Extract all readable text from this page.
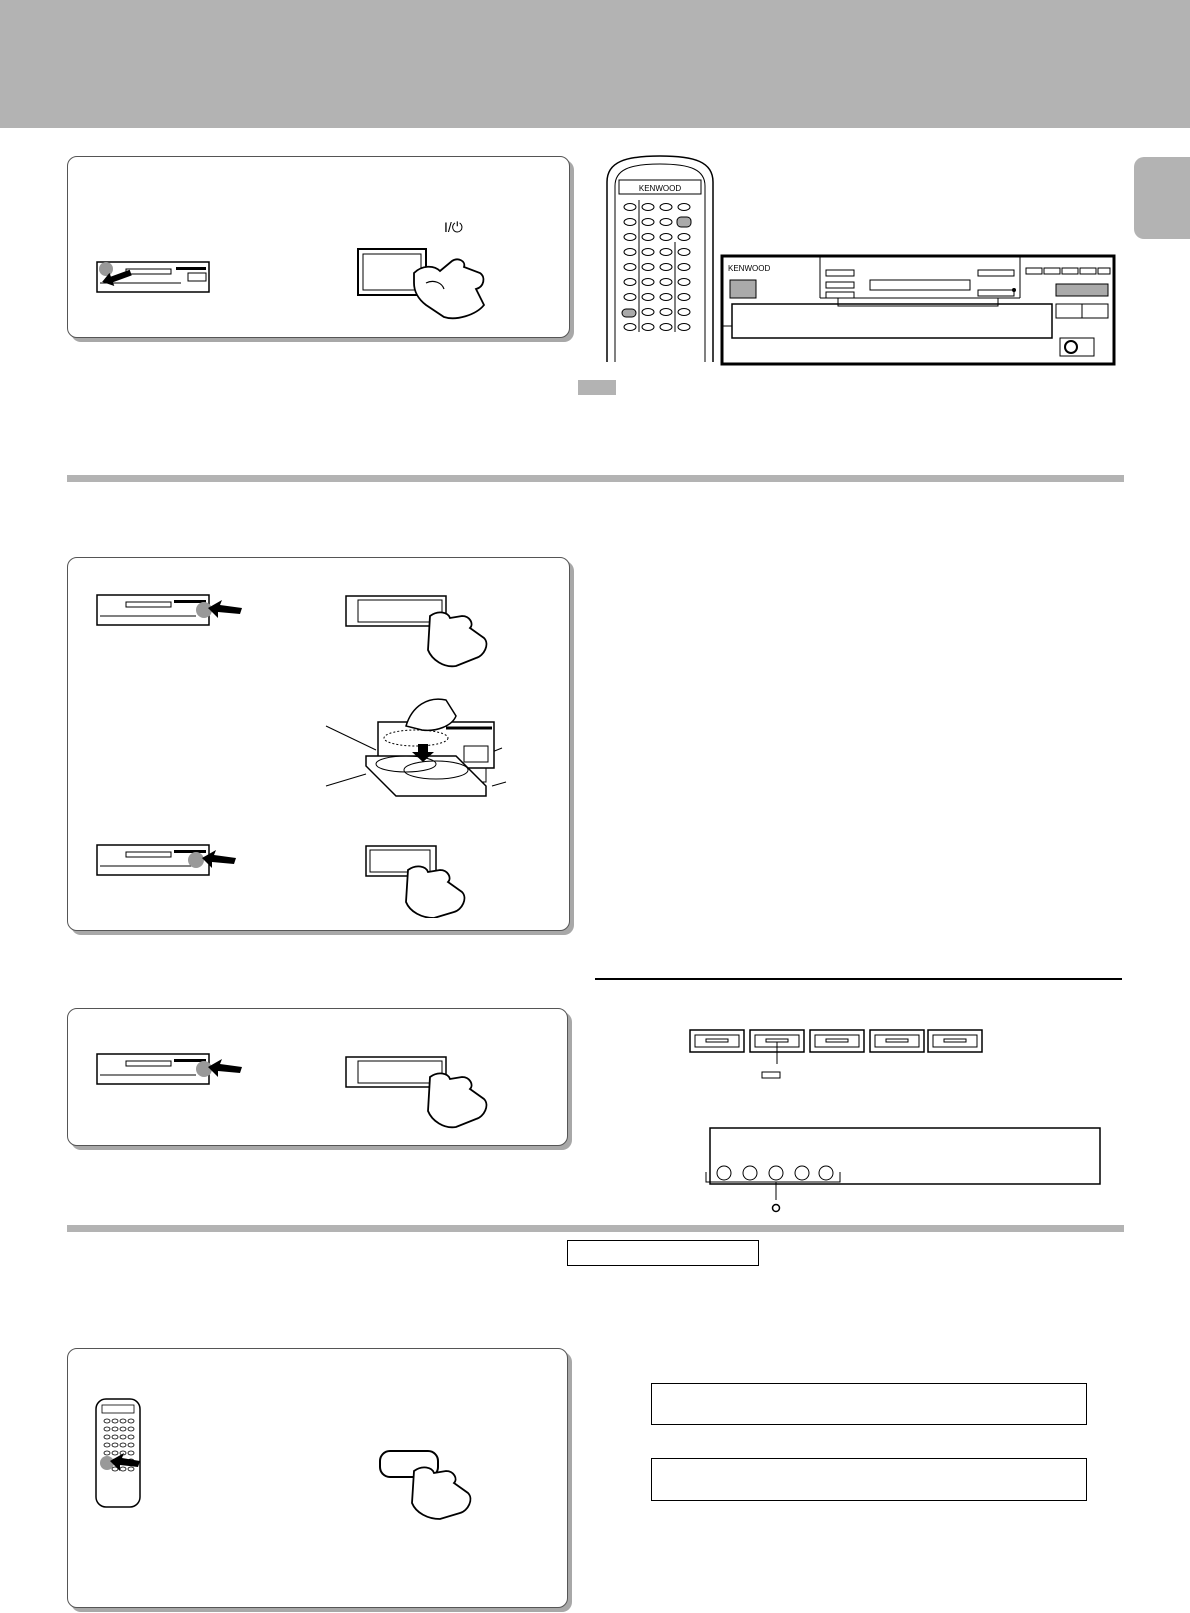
I/⏻
KENWOOD
KENWOOD
